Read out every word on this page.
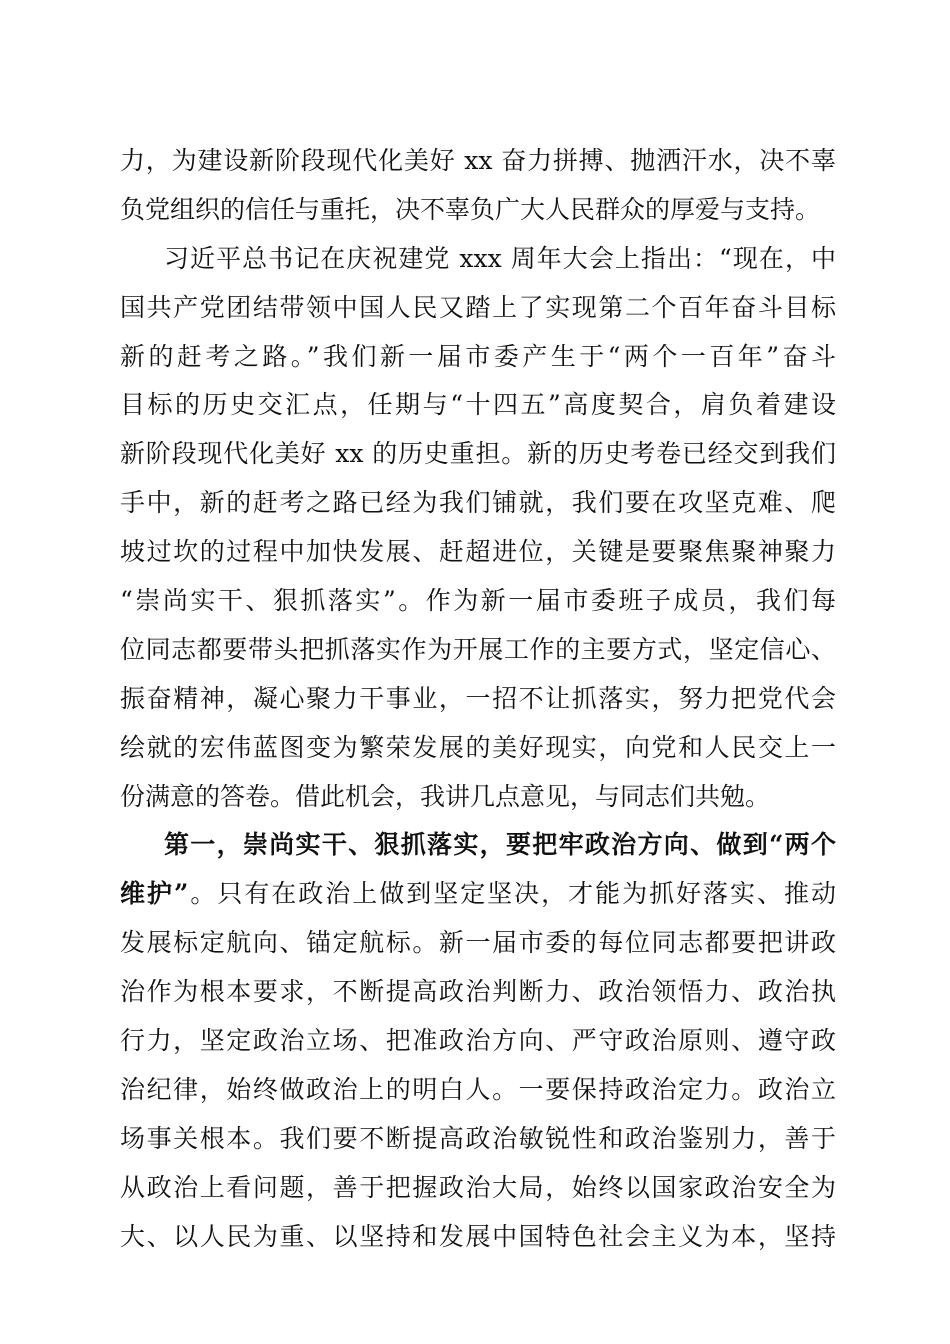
力，为建设新阶段现代化美好 xx 奋力拼搏、抛洒汗水，决不辜
负党组织的信任与重托，决不辜负广大人民群众的厚爱与支持。
习近平总书记在庆祝建党 xxx 周年大会上指出：“现在，中
国共产党团结带领中国人民又踏上了实现第二个百年奋斗目标
新的赶考之路。”我们新一届市委产生于“两个一百年”奋斗
目标的历史交汇点，任期与“十四五”高度契合，肩负着建设
新阶段现代化美好 xx 的历史重担。新的历史考卷已经交到我们
手中，新的赶考之路已经为我们铺就，我们要在攻坚克难、爬
坡过坎的过程中加快发展、赶超进位，关键是要聚焦聚神聚力
“崇尚实干、狠抓落实”。作为新一届市委班子成员，我们每
位同志都要带头把抓落实作为开展工作的主要方式，坚定信心、
振奋精神，凝心聚力干事业，一招不让抓落实，努力把党代会
绘就的宏伟蓝图变为繁荣发展的美好现实，向党和人民交上一
份满意的答卷。借此机会，我讲几点意见，与同志们共勉。
第一，崇尚实干、狠抓落实，要把牢政治方向、做到“两个
维护”。只有在政治上做到坚定坚决，才能为抓好落实、推动
发展标定航向、锚定航标。新一届市委的每位同志都要把讲政
治作为根本要求，不断提高政治判断力、政治领悟力、政治执
行力，坚定政治立场、把准政治方向、严守政治原则、遵守政
治纪律，始终做政治上的明白人。一要保持政治定力。政治立
场事关根本。我们要不断提高政治敏锐性和政治鉴别力，善于
从政治上看问题，善于把握政治大局，始终以国家政治安全为
大、以人民为重、以坚持和发展中国特色社会主义为本，坚持
